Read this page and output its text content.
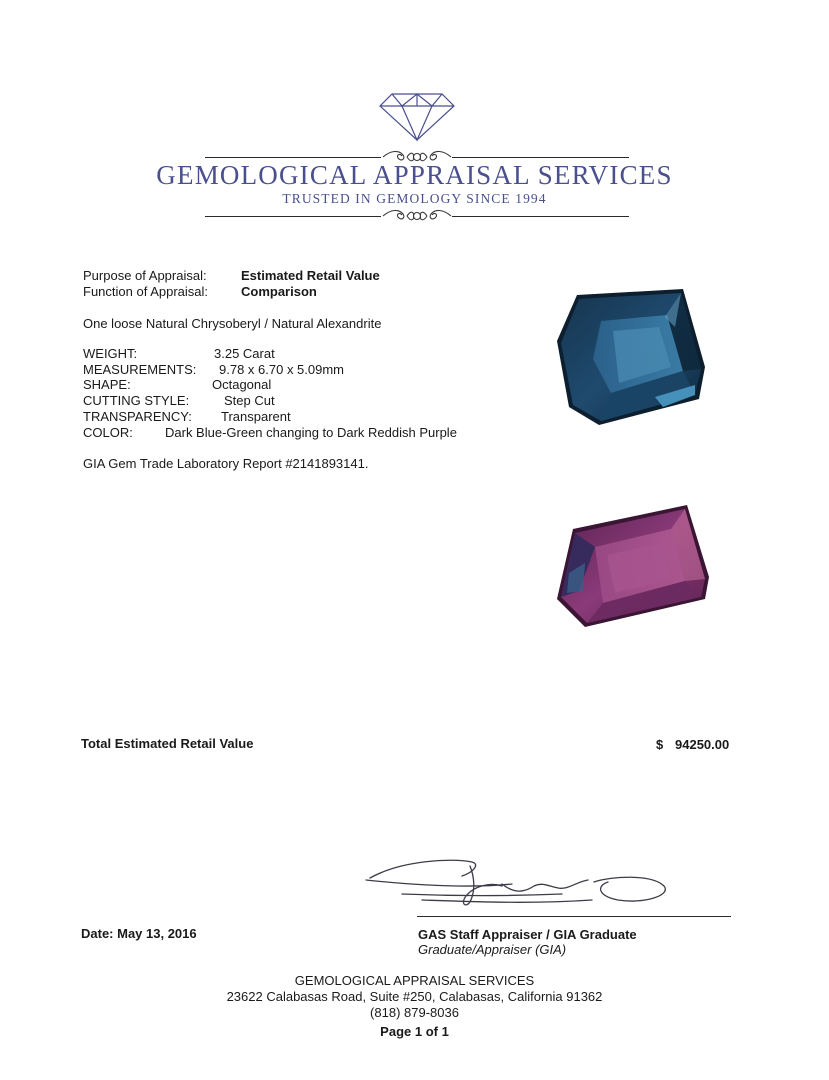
GEMOLOGICAL APPRAISAL SERVICES
TRUSTED IN GEMOLOGY SINCE 1994
Purpose of Appraisal:	Estimated Retail Value
Function of Appraisal:	Comparison
One loose Natural Chrysoberyl / Natural Alexandrite
WEIGHT:	3.25 Carat
MEASUREMENTS: 9.78 x 6.70 x 5.09mm
SHAPE:	Octagonal
CUTTING STYLE:	Step Cut
TRANSPARENCY: Transparent
COLOR: Dark Blue-Green changing to Dark Reddish Purple
GIA Gem Trade Laboratory Report #2141893141.
Total Estimated Retail Value	$ 94250.00
Date: May 13, 2016	GAS Staff Appraiser / GIA Graduate
Graduate/Appraiser (GIA)
GEMOLOGICAL APPRAISAL SERVICES
23622 Calabasas Road, Suite #250, Calabasas, California 91362
(818) 879-8036
Page 1 of 1
